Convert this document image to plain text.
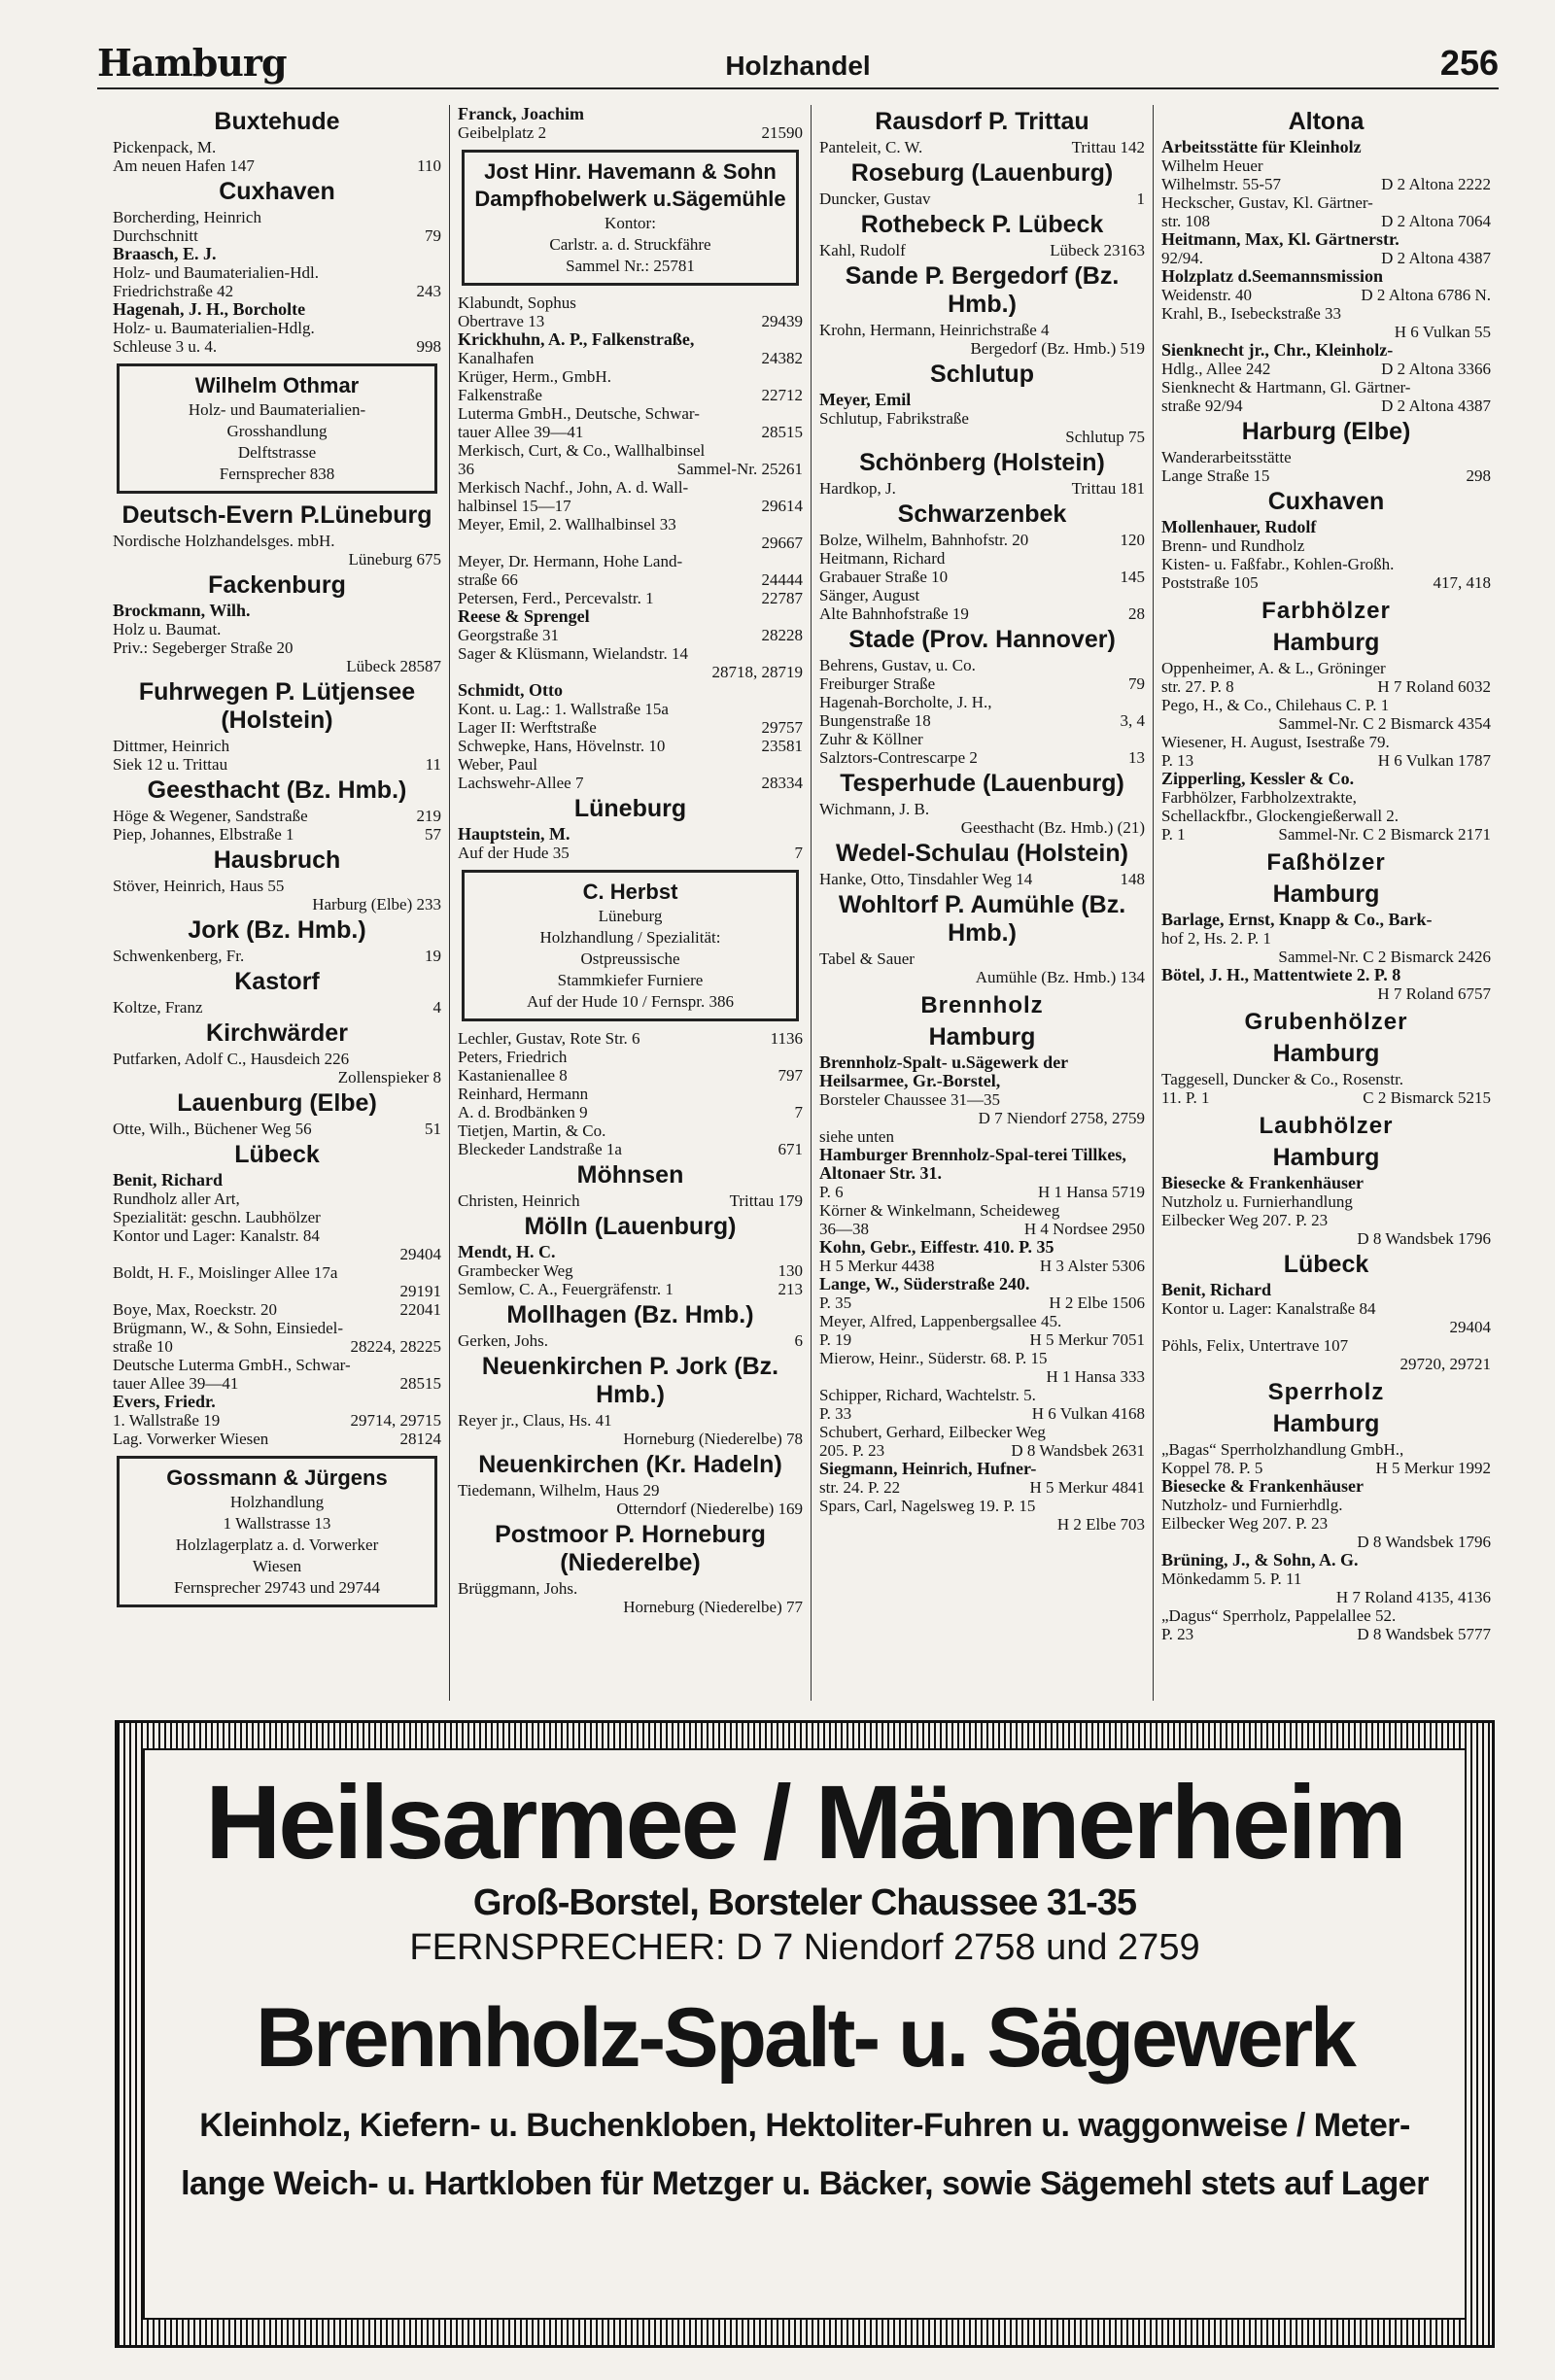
Hamburg	Holzhandel	256
Buxtehude
Pickenpack, M.
Am neuen Hafen 147	110
Cuxhaven
Borcherding, Heinrich
Durchschnitt	79
Braasch, E. J.
Holz- und Baumaterialien-Hdl.
Friedrichstraße 42	243
Hagenah, J. H., Borcholte
Holz- u. Baumaterialien-Hdlg.
Schleuse 3 u. 4.	998
Wilhelm Othmar
Holz- und Baumaterialien-
Grosshandlung
Delftstrasse
Fernsprecher 838
Deutsch-Evern P.Lüneburg
Nordische Holzhandelsges. mbH.
Lüneburg 675
Fackenburg
Brockmann, Wilh.
Holz u. Baumat.
Priv.: Segeberger Straße 20
Lübeck 28587
Fuhrwegen P. Lütjensee (Holstein)
Dittmer, Heinrich
Siek 12 u. Trittau	11
Geesthacht (Bz. Hmb.)
Höge & Wegener, Sandstraße	219
Piep, Johannes, Elbstraße 1	57
Hausbruch
Stöver, Heinrich, Haus 55
Harburg (Elbe) 233
Jork (Bz. Hmb.)
Schwenkenberg, Fr.	19
Kastorf
Koltze, Franz	4
Kirchwärder
Putfarken, Adolf C., Hausdeich 226
Zollenspieker 8
Lauenburg (Elbe)
Otte, Wilh., Büchener Weg 56	51
Lübeck
Benit, Richard
Rundholz aller Art,
Spezialität: geschn. Laubhölzer
Kontor und Lager: Kanalstr. 84
29404
Boldt, H. F., Moislinger Allee 17a
29191
Boye, Max, Roeckstr. 20	22041
Brügmann, W., & Sohn, Einsiedel-
straße 10	28224, 28225
Deutsche Luterma GmbH., Schwar-
tauer Allee 39—41	28515
Evers, Friedr.
1. Wallstraße 19	29714, 29715
Lag. Vorwerker Wiesen	28124
Gossmann & Jürgens
Holzhandlung
1 Wallstrasse 13
Holzlagerplatz a. d. Vorwerker
Wiesen
Fernsprecher 29743 und 29744
Franck, Joachim
Geibelplatz 2	21590
Jost Hinr. Havemann & Sohn Dampfhobelwerk u.Sägemühle
Kontor:
Carlstr. a. d. Struckfähre
Sammel Nr.: 25781
Klabundt, Sophus
Obertrave 13	29439
Krickhuhn, A. P., Falkenstraße,
Kanalhafen	24382
Krüger, Herm., GmbH.
Falkenstraße	22712
Luterma GmbH., Deutsche, Schwar-
tauer Allee 39—41	28515
Merkisch, Curt, & Co., Wallhalbinsel
36	Sammel-Nr. 25261
Merkisch Nachf., John, A. d. Wall-
halbinsel 15—17	29614
Meyer, Emil, 2. Wallhalbinsel 33
29667
Meyer, Dr. Hermann, Hohe Land-
straße 66	24444
Petersen, Ferd., Percevalstr. 1	22787
Reese & Sprengel
Georgstraße 31	28228
Sager & Klüsmann, Wielandstr. 14
28718, 28719
Schmidt, Otto
Kont. u. Lag.: 1. Wallstraße 15a
Lager II: Werftstraße	29757
Schwepke, Hans, Hövelnstr. 10	23581
Weber, Paul
Lachswehr-Allee 7	28334
Lüneburg
Hauptstein, M.
Auf der Hude 35	7
C. Herbst
Lüneburg
Holzhandlung / Spezialität:
Ostpreussische
Stammkiefer Furniere
Auf der Hude 10 / Fernspr. 386
Lechler, Gustav, Rote Str. 6	1136
Peters, Friedrich
Kastanienallee 8	797
Reinhard, Hermann
A. d. Brodbänken 9	7
Tietjen, Martin, & Co.
Bleckeder Landstraße 1a	671
Möhnsen
Christen, Heinrich	Trittau 179
Mölln (Lauenburg)
Mendt, H. C.
Grambecker Weg	130
Semlow, C. A., Feuergräfenstr. 1	213
Mollhagen (Bz. Hmb.)
Gerken, Johs.	6
Neuenkirchen P. Jork (Bz. Hmb.)
Reyer jr., Claus, Hs. 41
Horneburg (Niederelbe) 78
Neuenkirchen (Kr. Hadeln)
Tiedemann, Wilhelm, Haus 29
Otterndorf (Niederelbe) 169
Postmoor P. Horneburg (Niederelbe)
Brüggmann, Johs.
Horneburg (Niederelbe) 77
Rausdorf P. Trittau
Panteleit, C. W.	Trittau 142
Roseburg (Lauenburg)
Duncker, Gustav	1
Rothebeck P. Lübeck
Kahl, Rudolf	Lübeck 23163
Sande P. Bergedorf (Bz. Hmb.)
Krohn, Hermann, Heinrichstraße 4
Bergedorf (Bz. Hmb.) 519
Schlutup
Meyer, Emil
Schlutup, Fabrikstraße
Schlutup 75
Schönberg (Holstein)
Hardkop, J.	Trittau 181
Schwarzenbek
Bolze, Wilhelm, Bahnhofstr. 20	120
Heitmann, Richard
Grabauer Straße 10	145
Sänger, August
Alte Bahnhofstraße 19	28
Stade (Prov. Hannover)
Behrens, Gustav, u. Co.
Freiburger Straße	79
Hagenah-Borcholte, J. H.,
Bungenstraße 18	3, 4
Zuhr & Köllner
Salztors-Contrescarpe 2	13
Tesperhude (Lauenburg)
Wichmann, J. B.
Geesthacht (Bz. Hmb.) (21)
Wedel-Schulau (Holstein)
Hanke, Otto, Tinsdahler Weg 14	148
Wohltorf P. Aumühle (Bz. Hmb.)
Tabel & Sauer
Aumühle (Bz. Hmb.) 134
Brennholz
Hamburg
Brennholz-Spalt- u.Sägewerk der Heilsarmee, Gr.-Borstel,
Borsteler Chaussee 31—35
D 7 Niendorf 2758, 2759
siehe unten
Hamburger Brennholz-Spal-terei Tillkes, Altonaer Str. 31.
P. 6	H 1 Hansa 5719
Körner & Winkelmann, Scheideweg
36—38	H 4 Nordsee 2950
Kohn, Gebr., Eiffestr. 410. P. 35
H 5 Merkur 4438	H 3 Alster 5306
Lange, W., Süderstraße 240.
P. 35	H 2 Elbe 1506
Meyer, Alfred, Lappenbergsallee 45.
P. 19	H 5 Merkur 7051
Mierow, Heinr., Süderstr. 68. P. 15
H 1 Hansa 333
Schipper, Richard, Wachtelstr. 5.
P. 33	H 6 Vulkan 4168
Schubert, Gerhard, Eilbecker Weg
205. P. 23	D 8 Wandsbek 2631
Siegmann, Heinrich, Hufner-
str. 24. P. 22	H 5 Merkur 4841
Spars, Carl, Nagelsweg 19. P. 15
H 2 Elbe 703
Altona
Arbeitsstätte für Kleinholz
Wilhelm Heuer
Wilhelmstr. 55-57	D 2 Altona 2222
Heckscher, Gustav, Kl. Gärtner-
str. 108	D 2 Altona 7064
Heitmann, Max, Kl. Gärtnerstr.
92/94.	D 2 Altona 4387
Holzplatz d.Seemannsmission
Weidenstr. 40	D 2 Altona 6786 N.
Krahl, B., Isebeckstraße 33
H 6 Vulkan 55
Sienknecht jr., Chr., Kleinholz-
Hdlg., Allee 242	D 2 Altona 3366
Sienknecht & Hartmann, Gl. Gärtner-
straße 92/94	D 2 Altona 4387
Harburg (Elbe)
Wanderarbeitsstätte
Lange Straße 15	298
Cuxhaven
Mollenhauer, Rudolf
Brenn- und Rundholz
Kisten- u. Faßfabr., Kohlen-Großh.
Poststraße 105	417, 418
Farbhölzer
Hamburg
Oppenheimer, A. & L., Gröninger
str. 27. P. 8	H 7 Roland 6032
Pego, H., & Co., Chilehaus C. P. 1
Sammel-Nr. C 2 Bismarck 4354
Wiesener, H. August, Isestraße 79.
P. 13	H 6 Vulkan 1787
Zipperling, Kessler & Co.
Farbhölzer, Farbholzextrakte,
Schellackfbr., Glockengießerwall 2.
P. 1	Sammel-Nr. C 2 Bismarck 2171
Faßhölzer
Hamburg
Barlage, Ernst, Knapp & Co., Bark-
hof 2, Hs. 2. P. 1
Sammel-Nr. C 2 Bismarck 2426
Bötel, J. H., Mattentwiete 2. P. 8
H 7 Roland 6757
Grubenhölzer
Hamburg
Taggesell, Duncker & Co., Rosenstr.
11. P. 1	C 2 Bismarck 5215
Laubhölzer
Hamburg
Biesecke & Frankenhäuser
Nutzholz u. Furnierhandlung
Eilbecker Weg 207. P. 23
D 8 Wandsbek 1796
Lübeck
Benit, Richard
Kontor u. Lager: Kanalstraße 84
29404
Pöhls, Felix, Untertrave 107
29720, 29721
Sperrholz
Hamburg
„Bagas“ Sperrholzhandlung GmbH.,
Koppel 78. P. 5	H 5 Merkur 1992
Biesecke & Frankenhäuser
Nutzholz- und Furnierhdlg.
Eilbecker Weg 207. P. 23
D 8 Wandsbek 1796
Brüning, J., & Sohn, A. G.
Mönkedamm 5. P. 11
H 7 Roland 4135, 4136
„Dagus“ Sperrholz, Pappelallee 52.
P. 23	D 8 Wandsbek 5777
Heilsarmee / Männerheim
Groß-Borstel, Borsteler Chaussee 31-35
FERNSPRECHER: D 7 Niendorf 2758 und 2759
Brennholz-Spalt- u. Sägewerk
Kleinholz, Kiefern- u. Buchenkloben, Hektoliter-Fuhren u. waggonweise / Meter-
lange Weich- u. Hartkloben für Metzger u. Bäcker, sowie Sägemehl stets auf Lager
